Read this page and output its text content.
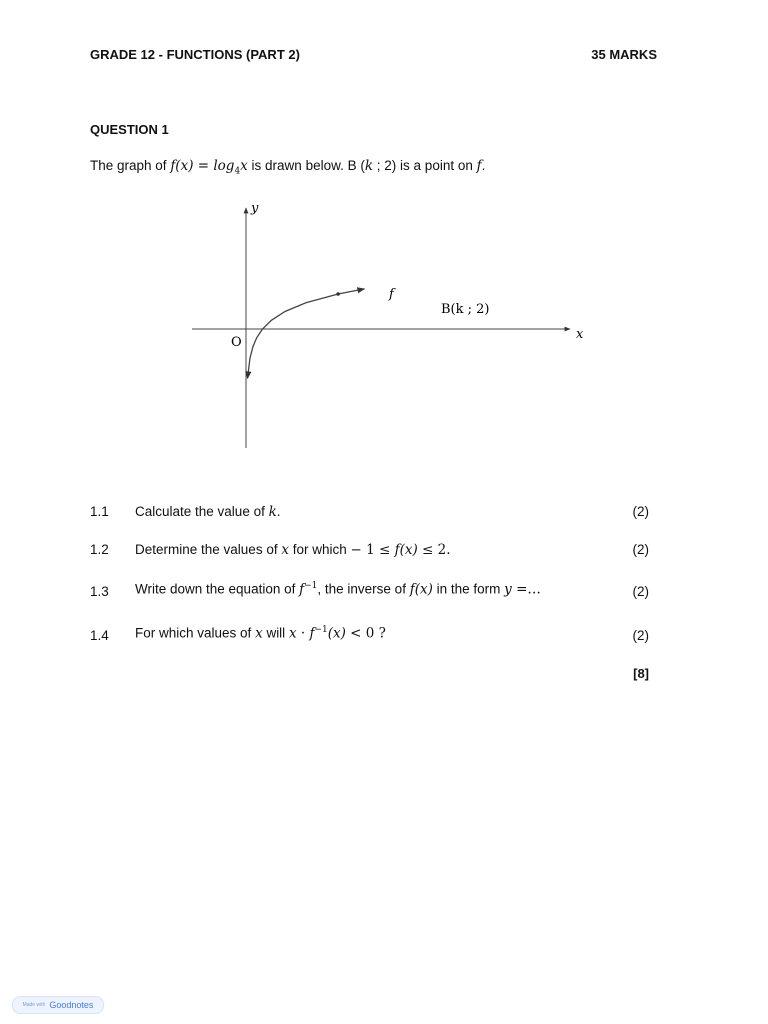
GRADE 12 - FUNCTIONS (PART 2)	35 MARKS
QUESTION 1
The graph of $f(x) = \log_4x$ is drawn below. B (k ; 2) is a point on f.
y
x
O
f
B(k ; 2)
1.1 Calculate the value of k.	(2)
1.2 Determine the values of x for which − 1 ≤ f(x) ≤ 2.	(2)
1.3 Write down the equation of $f^{-1}$, the inverse of f(x) in the form y =…	(2)
1.4 For which values of x will $x \cdot f^{-1}(x) < 0$ ?	(2)
[8]
Made with Goodnotes
